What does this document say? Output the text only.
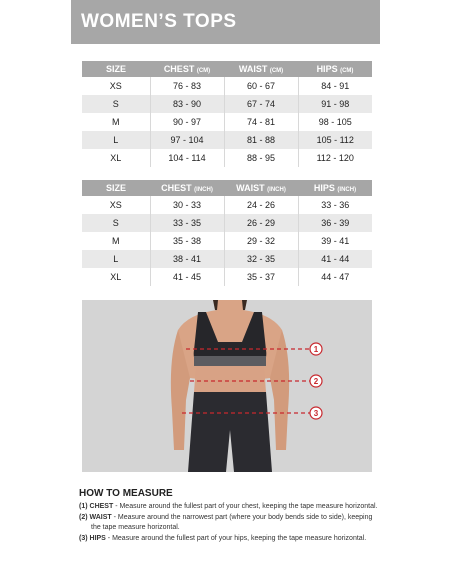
WOMEN’S TOPS
SIZE	CHEST (CM)	WAIST (CM)	HIPS (CM)
XS	76 - 83	60 - 67	84 - 91
S	83 - 90	67 - 74	91 - 98
M	90 - 97	74 - 81	98 - 105
L	97 - 104	81 - 88	105 - 112
XL	104 - 114	88 - 95	112 - 120
SIZE	CHEST (INCH)	WAIST (INCH)	HIPS (INCH)
XS	30 - 33	24 - 26	33 - 36
S	33 - 35	26 - 29	36 - 39
M	35 - 38	29 - 32	39 - 41
L	38 - 41	32 - 35	41 - 44
XL	41 - 45	35 - 37	44 - 47
1
2
3
HOW TO MEASURE
(1) CHEST - Measure around the fullest part of your chest, keeping the tape measure horizontal.
(2) WAIST - Measure around the narrowest part (where your body bends side to side), keeping the tape measure horizontal.
(3) HIPS - Measure around the fullest part of your hips, keeping the tape measure horizontal.
